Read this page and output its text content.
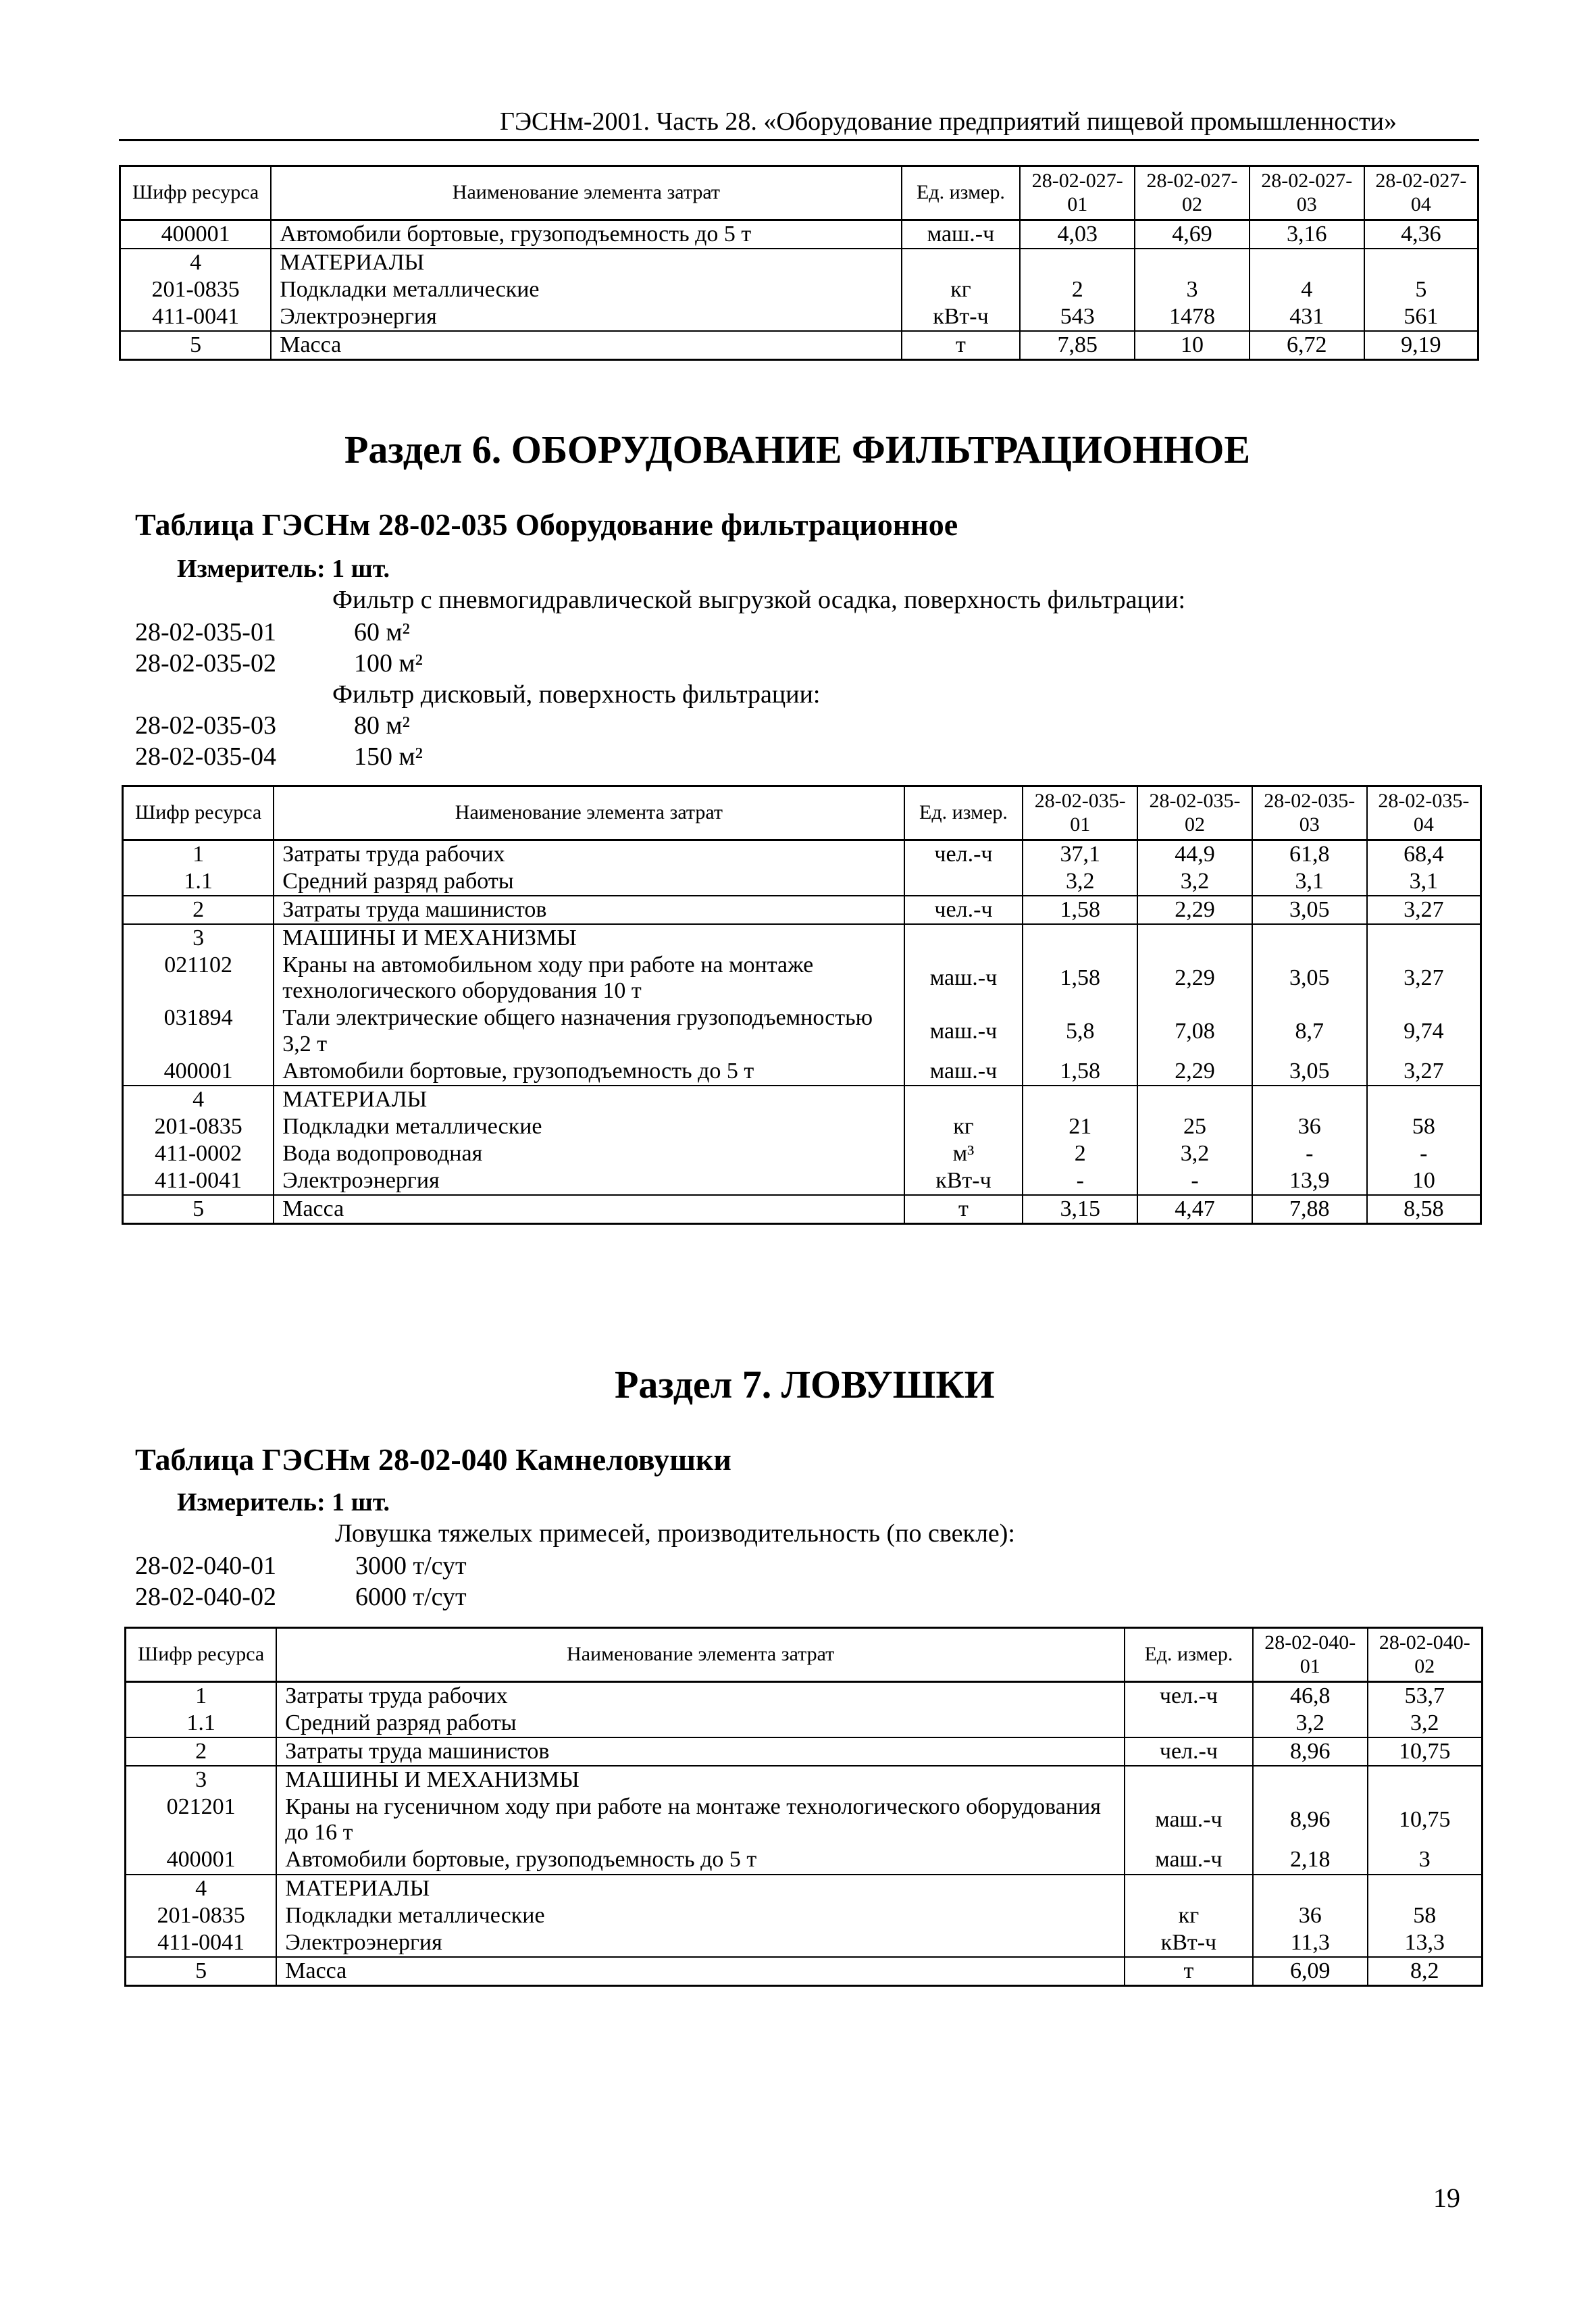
ГЭСНм-2001. Часть 28. «Оборудование предприятий пищевой промышленности»
Шифр ресурса	Наименование элемента затрат	Ед. измер.	28-02-027-01	28-02-027-02	28-02-027-03	28-02-027-04
400001	Автомобили бортовые, грузоподъемность до 5 т	маш.-ч	4,03	4,69	3,16	4,36
4	МАТЕРИАЛЫ					
201-0835	Подкладки металлические	кг	2	3	4	5
411-0041	Электроэнергия	кВт-ч	543	1478	431	561
5	Масса	т	7,85	10	6,72	9,19
Раздел 6. ОБОРУДОВАНИЕ ФИЛЬТРАЦИОННОЕ
Таблица ГЭСНм 28-02-035 Оборудование фильтрационное
Измеритель: 1 шт.
Фильтр с пневмогидравлической выгрузкой осадка, поверхность фильтрации:
28-02-035-01	60 м²
28-02-035-02	100 м²
Фильтр дисковый, поверхность фильтрации:
28-02-035-03	80 м²
28-02-035-04	150 м²
Шифр ресурса	Наименование элемента затрат	Ед. измер.	28-02-035-01	28-02-035-02	28-02-035-03	28-02-035-04
1	Затраты труда рабочих	чел.-ч	37,1	44,9	61,8	68,4
1.1	Средний разряд работы		3,2	3,2	3,1	3,1
2	Затраты труда машинистов	чел.-ч	1,58	2,29	3,05	3,27
3	МАШИНЫ И МЕХАНИЗМЫ					
021102	Краны на автомобильном ходу при работе на монтаже технологического оборудования 10 т	маш.-ч	1,58	2,29	3,05	3,27
031894	Тали электрические общего назначения грузоподъемностью 3,2 т	маш.-ч	5,8	7,08	8,7	9,74
400001	Автомобили бортовые, грузоподъемность до 5 т	маш.-ч	1,58	2,29	3,05	3,27
4	МАТЕРИАЛЫ					
201-0835	Подкладки металлические	кг	21	25	36	58
411-0002	Вода водопроводная	м³	2	3,2	-	-
411-0041	Электроэнергия	кВт-ч	-	-	13,9	10
5	Масса	т	3,15	4,47	7,88	8,58
Раздел 7. ЛОВУШКИ
Таблица ГЭСНм 28-02-040 Камнеловушки
Измеритель: 1 шт.
Ловушка тяжелых примесей, производительность (по свекле):
28-02-040-01	3000 т/сут
28-02-040-02	6000 т/сут
Шифр ресурса	Наименование элемента затрат	Ед. измер.	28-02-040-01	28-02-040-02
1	Затраты труда рабочих	чел.-ч	46,8	53,7
1.1	Средний разряд работы		3,2	3,2
2	Затраты труда машинистов	чел.-ч	8,96	10,75
3	МАШИНЫ И МЕХАНИЗМЫ			
021201	Краны на гусеничном ходу при работе на монтаже технологического оборудования до 16 т	маш.-ч	8,96	10,75
400001	Автомобили бортовые, грузоподъемность до 5 т	маш.-ч	2,18	3
4	МАТЕРИАЛЫ			
201-0835	Подкладки металлические	кг	36	58
411-0041	Электроэнергия	кВт-ч	11,3	13,3
5	Масса	т	6,09	8,2
19
